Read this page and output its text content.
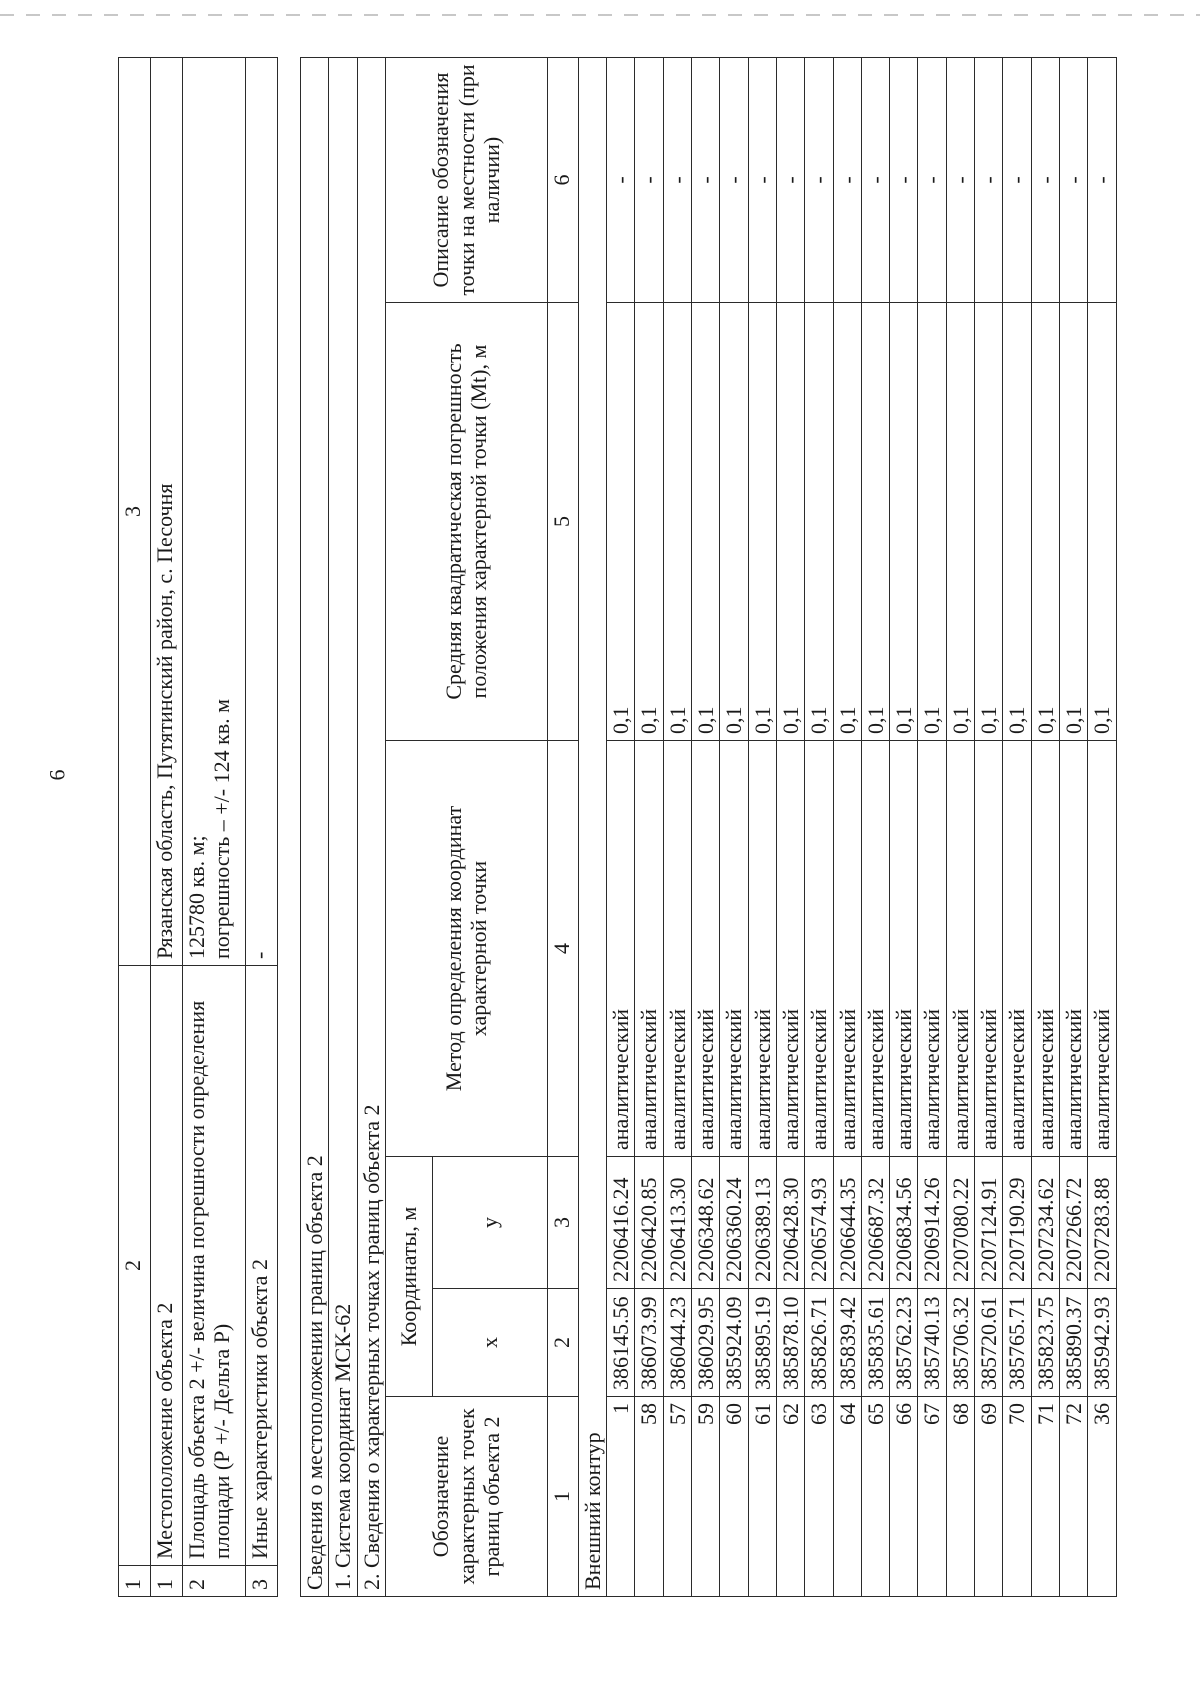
6
1	2	3
1	Местоположение объекта 2	Рязанская область, Путятинский район, с. Песочня
2	Площадь объекта 2 +/- величина погрешности определения площади (Р +/- Дельта Р)	125780 кв. м; погрешность – +/- 124 кв. м

3	Иные характеристики объекта 2	-
Сведения о местоположении границ объекта 2					
1. Система координат МСК-62					
2. Сведения о характерных точках границ объекта 2					
Обозначение характерных точек границ объекта 2	Координаты, м		Метод определения координат характерной точки	Средняя квадратическая погрешность положения характерной точки (Mt), м	Описание обозначения точки на местности (при наличии)
	x	y			
1	2	3	4	5	6
Внешний контур					
1	386145.56	2206416.24	аналитический	0,1	-
58	386073.99	2206420.85	аналитический	0,1	-
57	386044.23	2206413.30	аналитический	0,1	-
59	386029.95	2206348.62	аналитический	0,1	-
60	385924.09	2206360.24	аналитический	0,1	-
61	385895.19	2206389.13	аналитический	0,1	-
62	385878.10	2206428.30	аналитический	0,1	-
63	385826.71	2206574.93	аналитический	0,1	-
64	385839.42	2206644.35	аналитический	0,1	-
65	385835.61	2206687.32	аналитический	0,1	-
66	385762.23	2206834.56	аналитический	0,1	-
67	385740.13	2206914.26	аналитический	0,1	-
68	385706.32	2207080.22	аналитический	0,1	-
69	385720.61	2207124.91	аналитический	0,1	-
70	385765.71	2207190.29	аналитический	0,1	-
71	385823.75	2207234.62	аналитический	0,1	-
72	385890.37	2207266.72	аналитический	0,1	-
36	385942.93	2207283.88	аналитический	0,1	-
